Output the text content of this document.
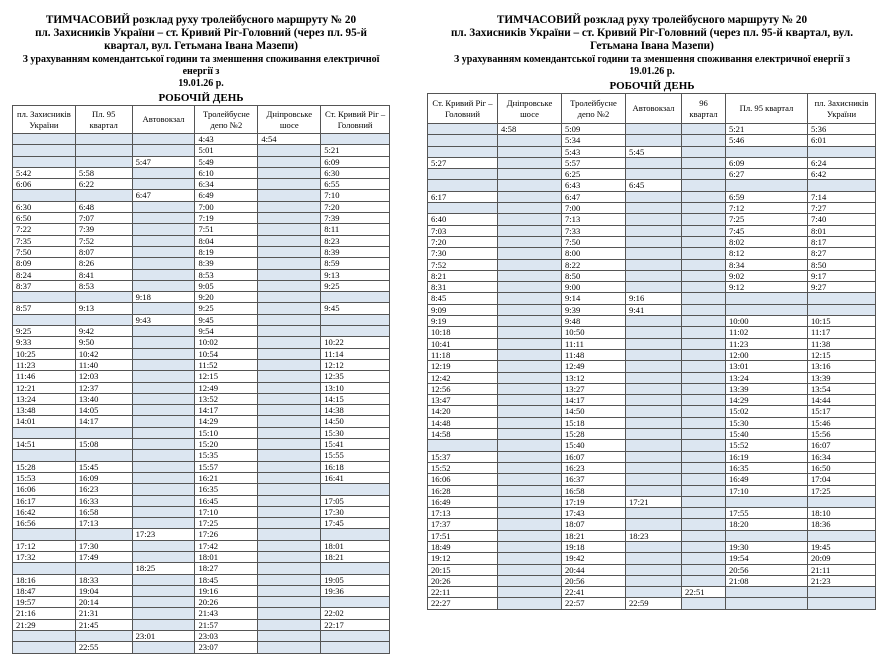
ТИМЧАСОВИЙ розклад руху тролейбусного маршруту № 20
пл. Захисників України – ст. Кривий Ріг-Головний (через пл. 95-й
квартал, вул. Гетьмана Івана Мазепи)
З урахуванням комендантської години та зменшення споживання електричної енергії з
19.01.26 р.
РОБОЧІЙ ДЕНЬ
пл. Захисників України	Пл. 95 квартал	Автовокзал	Тролейбусне депо №2	Дніпровське шосе	Ст. Кривий Ріг – Головний
			4:43	4:54	
			5:01		5:21
		5:47	5:49		6:09
5:42	5:58		6:10		6:30
6:06	6:22		6:34		6:55
		6:47	6:49		7:10
6:30	6:48		7:00		7:20
6:50	7:07		7:19		7:39
7:22	7:39		7:51		8:11
7:35	7:52		8:04		8:23
7:50	8:07		8:19		8:39
8:09	8:26		8:39		8:59
8:24	8:41		8:53		9:13
8:37	8:53		9:05		9:25
		9:18	9:20		
8:57	9:13		9:25		9:45
		9:43	9:45		
9:25	9:42		9:54		
9:33	9:50		10:02		10:22
10:25	10:42		10:54		11:14
11:23	11:40		11:52		12:12
11:46	12:03		12:15		12:35
12:21	12:37		12:49		13:10
13:24	13:40		13:52		14:15
13:48	14:05		14:17		14:38
14:01	14:17		14:29		14:50
			15:10		15:30
14:51	15:08		15:20		15:41
			15:35		15:55
15:28	15:45		15:57		16:18
15:53	16:09		16:21		16:41
16:06	16:23		16:35		
16:17	16:33		16:45		17:05
16:42	16:58		17:10		17:30
16:56	17:13		17:25		17:45
		17:23	17:26		
17:12	17:30		17:42		18:01
17:32	17:49		18:01		18:21
		18:25	18:27		
18:16	18:33		18:45		19:05
18:47	19:04		19:16		19:36
19:57	20:14		20:26		
21:16	21:31		21:43		22:02
21:29	21:45		21:57		22:17
		23:01	23:03		
	22:55		23:07		
ТИМЧАСОВИЙ розклад руху тролейбусного маршруту № 20
пл. Захисників України – ст. Кривий Ріг-Головний (через пл. 95-й квартал, вул.
Гетьмана Івана Мазепи)
З урахуванням комендантської години та зменшення споживання електричної енергії з
19.01.26 р.
РОБОЧІЙ ДЕНЬ
Ст. Кривий Ріг – Головний	Дніпровське шосе	Тролейбусне депо №2	Автовокзал	96 квартал	Пл. 95 квартал	пл. Захисників України
	4:58	5:09			5:21	5:36
		5:34			5:46	6:01
		5:43	5:45			
5:27		5:57			6:09	6:24
		6:25			6:27	6:42
		6:43	6:45			
6:17		6:47			6:59	7:14
		7:00			7:12	7:27
6:40		7:13			7:25	7:40
7:03		7:33			7:45	8:01
7:20		7:50			8:02	8:17
7:30		8:00			8:12	8:27
7:52		8:22			8:34	8:50
8:21		8:50			9:02	9:17
8:31		9:00			9:12	9:27
8:45		9:14	9:16			
9:09		9:39	9:41			
9:19		9:48			10:00	10:15
10:18		10:50			11:02	11:17
10:41		11:11			11:23	11:38
11:18		11:48			12:00	12:15
12:19		12:49			13:01	13:16
12:42		13:12			13:24	13:39
12:56		13:27			13:39	13:54
13:47		14:17			14:29	14:44
14:20		14:50			15:02	15:17
14:48		15:18			15:30	15:46
14:58		15:28			15:40	15:56
		15:40			15:52	16:07
15:37		16:07			16:19	16:34
15:52		16:23			16:35	16:50
16:06		16:37			16:49	17:04
16:28		16:58			17:10	17:25
16:49		17:19	17:21			
17:13		17:43			17:55	18:10
17:37		18:07			18:20	18:36
17:51		18:21	18:23			
18:49		19:18			19:30	19:45
19:12		19:42			19:54	20:09
20:15		20:44			20:56	21:11
20:26		20:56			21:08	21:23
22:11		22:41		22:51		
22:27		22:57	22:59			
